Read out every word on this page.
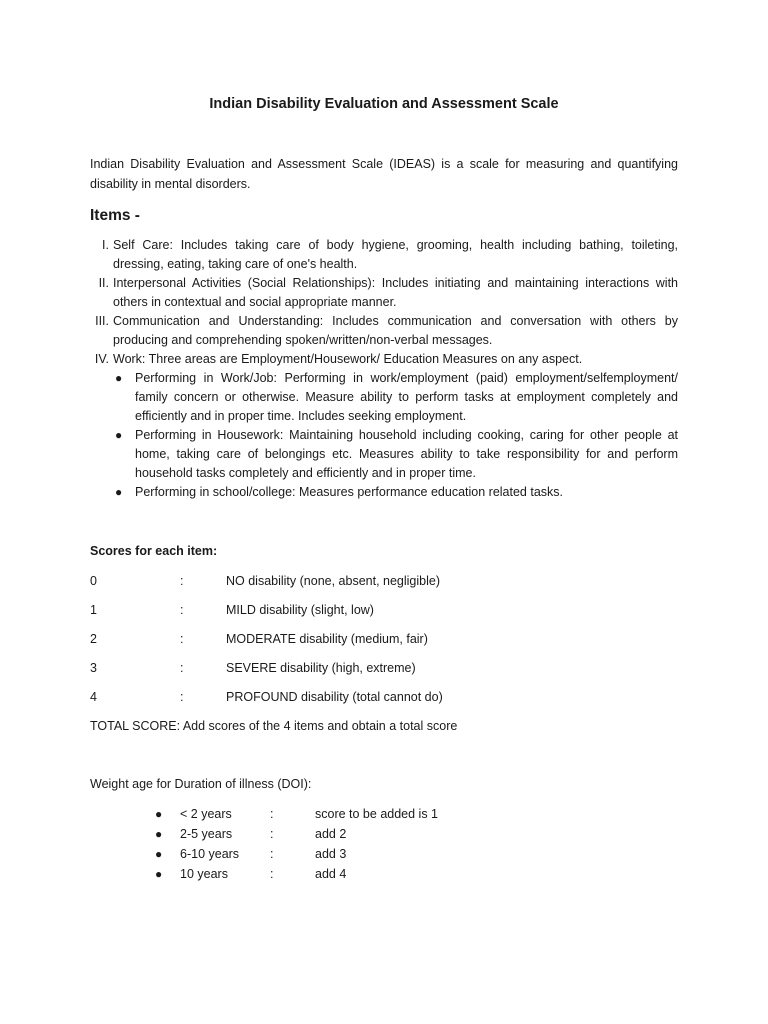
Indian Disability Evaluation and Assessment Scale

Indian Disability Evaluation and Assessment Scale (IDEAS) is a scale for measuring and quantifying disability in mental disorders.

Items -
I. Self Care: Includes taking care of body hygiene, grooming, health including bathing, toileting, dressing, eating, taking care of one's health.
II. Interpersonal Activities (Social Relationships): Includes initiating and maintaining interactions with others in contextual and social appropriate manner.
III. Communication and Understanding: Includes communication and conversation with others by producing and comprehending spoken/written/non-verbal messages.
IV. Work: Three areas are Employment/Housework/ Education Measures on any aspect.
● Performing in Work/Job: Performing in work/employment (paid) employment/selfemployment/ family concern or otherwise. Measure ability to perform tasks at employment completely and efficiently and in proper time. Includes seeking employment.
● Performing in Housework: Maintaining household including cooking, caring for other people at home, taking care of belongings etc. Measures ability to take responsibility for and perform household tasks completely and efficiently and in proper time.
● Performing in school/college: Measures performance education related tasks.
Scores for each item:
0	:	NO disability (none, absent, negligible)
1	:	MILD disability (slight, low)
2	:	MODERATE disability (medium, fair)
3	:	SEVERE disability (high, extreme)
4	:	PROFOUND disability (total cannot do)
TOTAL SCORE: Add scores of the 4 items and obtain a total score
Weight age for Duration of illness (DOI):
● < 2 years	:	score to be added is 1
● 2-5 years	:	add 2
● 6-10 years :	add 3
● 10 years	:	add 4
